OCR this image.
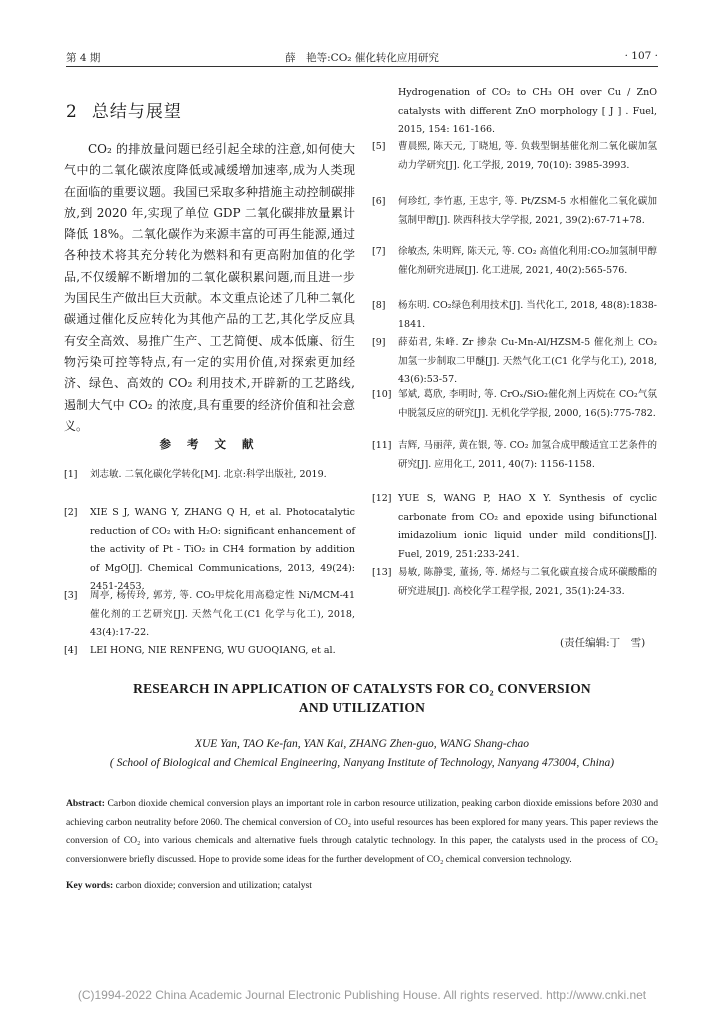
第 4 期	薛　艳等:CO₂ 催化转化应用研究	· 107 ·
2 总结与展望
CO₂ 的排放量问题已经引起全球的注意,如何使大气中的二氧化碳浓度降低或减缓增加速率,成为人类现在面临的重要议题。我国已采取多种措施主动控制碳排放,到 2020 年,实现了单位 GDP 二氧化碳排放量累计降低 18%。二氧化碳作为来源丰富的可再生能源,通过各种技术将其充分转化为燃料和有更高附加值的化学品,不仅缓解不断增加的二氧化碳积累问题,而且进一步为国民生产做出巨大贡献。本文重点论述了几种二氧化碳通过催化反应转化为其他产品的工艺,其化学反应具有安全高效、易推广生产、工艺简便、成本低廉、衍生物污染可控等特点,有一定的实用价值,对探索更加经济、绿色、高效的 CO₂ 利用技术,开辟新的工艺路线,遏制大气中 CO₂ 的浓度,具有重要的经济价值和社会意义。
参 考 文 献
[1] 刘志敏. 二氧化碳化学转化[M]. 北京:科学出版社, 2019.
[2] XIE S J, WANG Y, ZHANG Q H, et al. Photocatalytic reduction of CO₂ with H₂O: significant enhancement of the activity of Pt - TiO₂ in CH4 formation by addition of MgO[J]. Chemical Communications, 2013, 49(24): 2451-2453.
[3] 周亭, 杨传玲, 郭芳, 等. CO₂甲烷化用高稳定性 Ni/MCM-41 催化剂的工艺研究[J]. 天然气化工(C1 化学与化工), 2018, 43(4):17-22.
[4] LEI HONG, NIE RENFENG, WU GUOQIANG, et al.
Hydrogenation of CO₂ to CH₃ OH over Cu / ZnO catalysts with different ZnO morphology [ J ] . Fuel, 2015, 154: 161-166.
[5] 曹晨熙, 陈天元, 丁晓旭, 等. 负载型铜基催化剂二氧化碳加氢动力学研究[J]. 化工学报, 2019, 70(10): 3985-3993.
[6] 何珍红, 李竹惠, 王忠宇, 等. Pt/ZSM-5 水相催化二氧化碳加氢制甲醇[J]. 陕西科技大学学报, 2021, 39(2):67-71+78.
[7] 徐敏杰, 朱明辉, 陈天元, 等. CO₂ 高值化利用:CO₂加氢制甲醇催化剂研究进展[J]. 化工进展, 2021, 40(2):565-576.
[8] 杨东明. CO₂绿色利用技术[J]. 当代化工, 2018, 48(8):1838-1841.
[9] 薛茹君, 朱峰. Zr 掺杂 Cu-Mn-Al/HZSM-5 催化剂上 CO₂ 加氢一步制取二甲醚[J]. 天然气化工(C1 化学与化工), 2018, 43(6):53-57.
[10] 邹斌, 葛欣, 李明时, 等. CrOₓ/SiO₂催化剂上丙烷在 CO₂气氛中脱氢反应的研究[J]. 无机化学学报, 2000, 16(5):775-782.
[11] 吉辉, 马丽萍, 黄在银, 等. CO₂ 加氢合成甲酸适宜工艺条件的研究[J]. 应用化工, 2011, 40(7): 1156-1158.
[12] YUE S, WANG P, HAO X Y. Synthesis of cyclic carbonate from CO₂ and epoxide using bifunctional imidazolium ionic liquid under mild conditions[J]. Fuel, 2019, 251:233-241.
[13] 易敏, 陈静雯, 董扬, 等. 烯烃与二氧化碳直接合成环碳酸酯的研究进展[J]. 高校化学工程学报, 2021, 35(1):24-33.
(责任编辑:丁　雪)
RESEARCH IN APPLICATION OF CATALYSTS FOR CO₂ CONVERSION
AND UTILIZATION
XUE Yan, TAO Ke-fan, YAN Kai, ZHANG Zhen-guo, WANG Shang-chao
( School of Biological and Chemical Engineering, Nanyang Institute of Technology, Nanyang 473004, China)
Abstract: Carbon dioxide chemical conversion plays an important role in carbon resource utilization, peaking carbon dioxide emissions before 2030 and achieving carbon neutrality before 2060. The chemical conversion of CO₂ into useful resources has been explored for many years. This paper reviews the conversion of CO₂ into various chemicals and alternative fuels through catalytic technology. In this paper, the catalysts used in the process of CO₂ conversionwere briefly discussed. Hope to provide some ideas for the further development of CO₂ chemical conversion technology.
Key words: carbon dioxide; conversion and utilization; catalyst
(C)1994-2022 China Academic Journal Electronic Publishing House. All rights reserved. http://www.cnki.net
